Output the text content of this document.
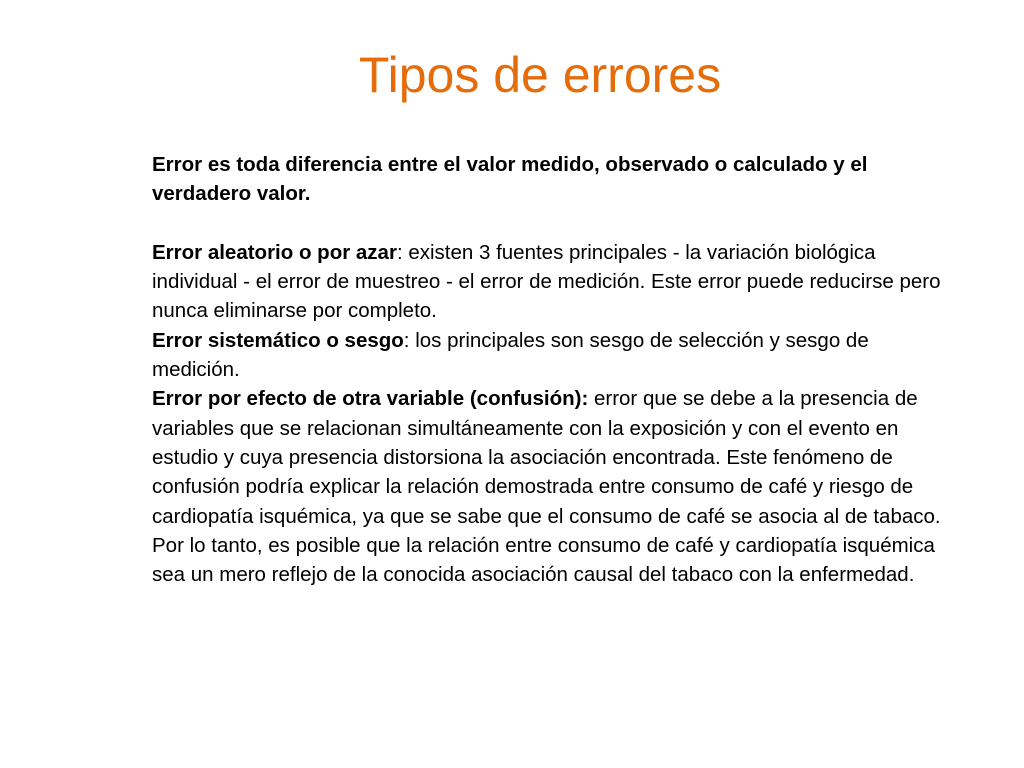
Tipos de errores

Error es toda diferencia entre el valor medido, observado o calculado y el verdadero valor.

Error aleatorio o por azar: existen 3 fuentes principales - la variación biológica individual - el error de muestreo - el error de medición. Este error puede reducirse pero nunca eliminarse por completo.

Error sistemático o sesgo: los principales son sesgo de selección y sesgo de medición.

Error por efecto de otra variable (confusión): error que se debe a la presencia de variables que se relacionan simultáneamente con la exposición y con el evento en estudio y cuya presencia distorsiona la asociación encontrada. Este fenómeno de confusión podría explicar la relación demostrada entre consumo de café y riesgo de cardiopatía isquémica, ya que se sabe que el consumo de café se asocia al de tabaco. Por lo tanto, es posible que la relación entre consumo de café y cardiopatía isquémica sea un mero reflejo de la conocida asociación causal del tabaco con la enfermedad.
